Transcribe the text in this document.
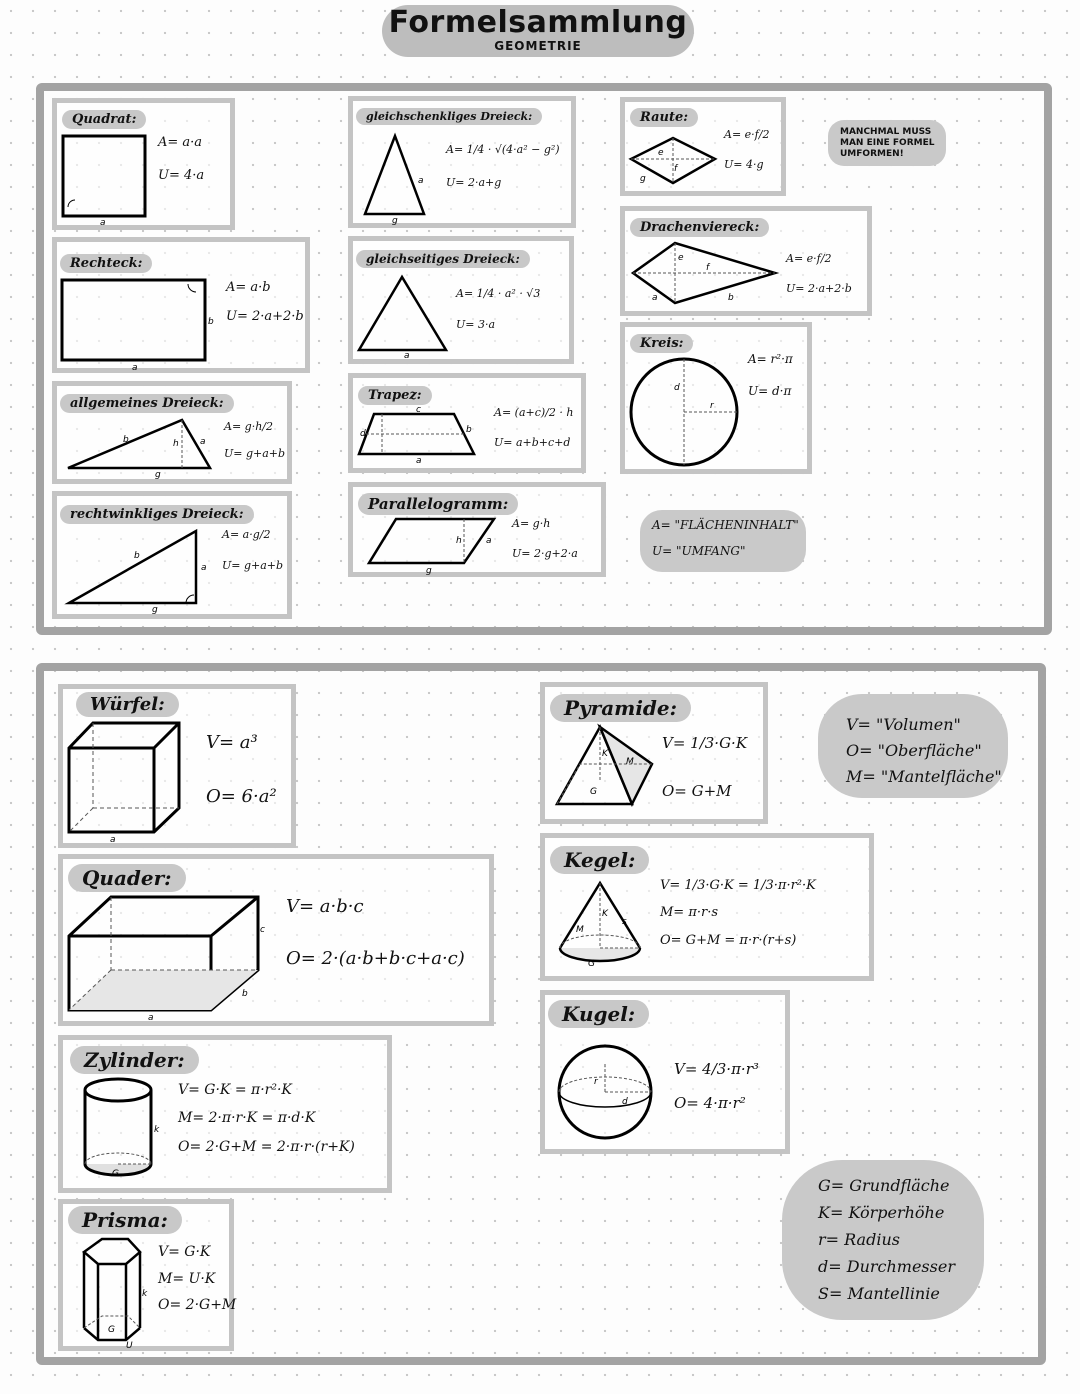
Formelsammlung
GEOMETRIE
Quadrat:
a
A= a·a
U= 4·a
Rechteck:
a
b
A= a·b
U= 2·a+2·b
allgemeines Dreieck:
b	a
h
g
A= g·h/2
U= g+a+b
rechtwinkliges Dreieck:
b
a
g
A= a·g/2
U= g+a+b
gleichschenkliges Dreieck:
a
g
A= 1/4 · √(4·a² − g²)
U= 2·a+g
gleichseitiges Dreieck:
a
A= 1/4 · a² · √3
U= 3·a
Trapez:
c
d	b
a
A= (a+c)/2 · h
U= a+b+c+d
Parallelogramm:
a
g
h
A= g·h
U= 2·g+2·a
Raute:
e
f
g
A= e·f/2
U= 4·g
MANCHMAL MUSS MAN EINE FORMEL UMFORMEN!
Drachenviereck:
e
f
a	b
A= e·f/2
U= 2·a+2·b
Kreis:
d
r
A= r²·π
U= d·π
A= "FLÄCHENINHALT"
U= "UMFANG"
Würfel:
a
V= a³
O= 6·a²
Quader:
c
b
a
V= a·b·c
O= 2·(a·b+b·c+a·c)
Zylinder:
k
G
V= G·K = π·r²·K
M= 2·π·r·K = π·d·K
O= 2·G+M = 2·π·r·(r+K)
Prisma:
G
U
k
V= G·K
M= U·K
O= 2·G+M
Pyramide:
G
M
K
V= 1/3·G·K
O= G+M
Kegel:
M
s
K
G
V= 1/3·G·K = 1/3·π·r²·K
M= π·r·s
O= G+M = π·r·(r+s)
Kugel:
r
d
V= 4/3·π·r³
O= 4·π·r²
V= "Volumen"
O= "Oberfläche"
M= "Mantelfläche"
G= Grundfläche
K= Körperhöhe
r= Radius
d= Durchmesser
S= Mantellinie
